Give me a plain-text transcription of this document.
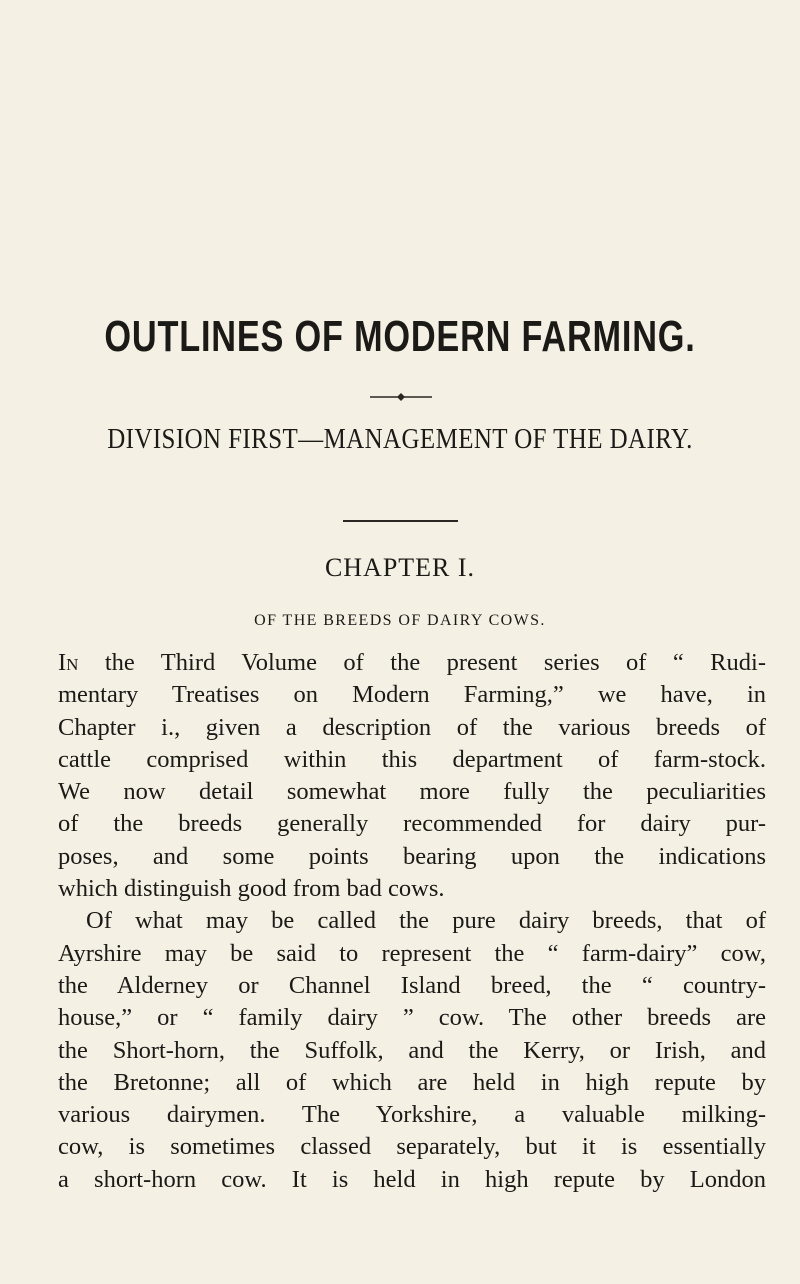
OUTLINES OF MODERN FARMING.
DIVISION FIRST—MANAGEMENT OF THE DAIRY.
CHAPTER I.
OF THE BREEDS OF DAIRY COWS.
In the Third Volume of the present series of “ Rudi-
mentary Treatises on Modern Farming,” we have, in
Chapter i., given a description of the various breeds of
cattle comprised within this department of farm-stock.
We now detail somewhat more fully the peculiarities
of the breeds generally recommended for dairy pur-
poses, and some points bearing upon the indications
which distinguish good from bad cows.
Of what may be called the pure dairy breeds, that of
Ayrshire may be said to represent the “ farm-dairy” cow,
the Alderney or Channel Island breed, the “ country-
house,” or “ family dairy ” cow. The other breeds are
the Short-horn, the Suffolk, and the Kerry, or Irish, and
the Bretonne; all of which are held in high repute by
various dairymen. The Yorkshire, a valuable milking-
cow, is sometimes classed separately, but it is essentially
a short-horn cow. It is held in high repute by London
